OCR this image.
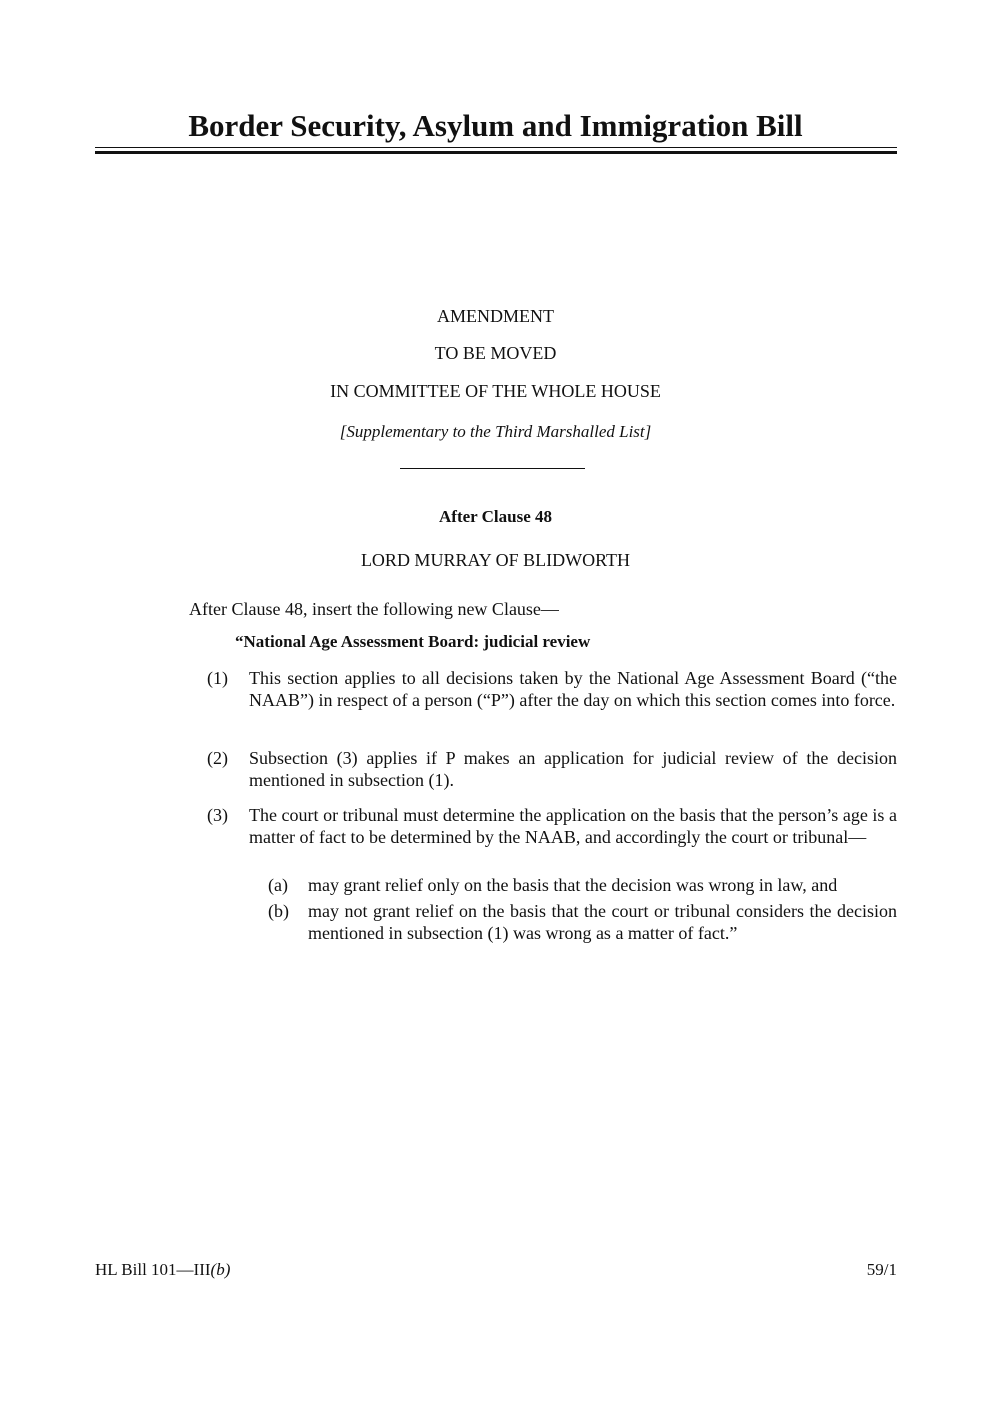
Border Security, Asylum and Immigration Bill
AMENDMENT
TO BE MOVED
IN COMMITTEE OF THE WHOLE HOUSE
[Supplementary to the Third Marshalled List]
After Clause 48
LORD MURRAY OF BLIDWORTH
After Clause 48, insert the following new Clause—
“National Age Assessment Board: judicial review
(1) This section applies to all decisions taken by the National Age Assessment Board (“the NAAB”) in respect of a person (“P”) after the day on which this section comes into force.
(2) Subsection (3) applies if P makes an application for judicial review of the decision mentioned in subsection (1).
(3) The court or tribunal must determine the application on the basis that the person’s age is a matter of fact to be determined by the NAAB, and accordingly the court or tribunal—
(a) may grant relief only on the basis that the decision was wrong in law, and
(b) may not grant relief on the basis that the court or tribunal considers the decision mentioned in subsection (1) was wrong as a matter of fact.”
HL Bill 101—III(b)	59/1
